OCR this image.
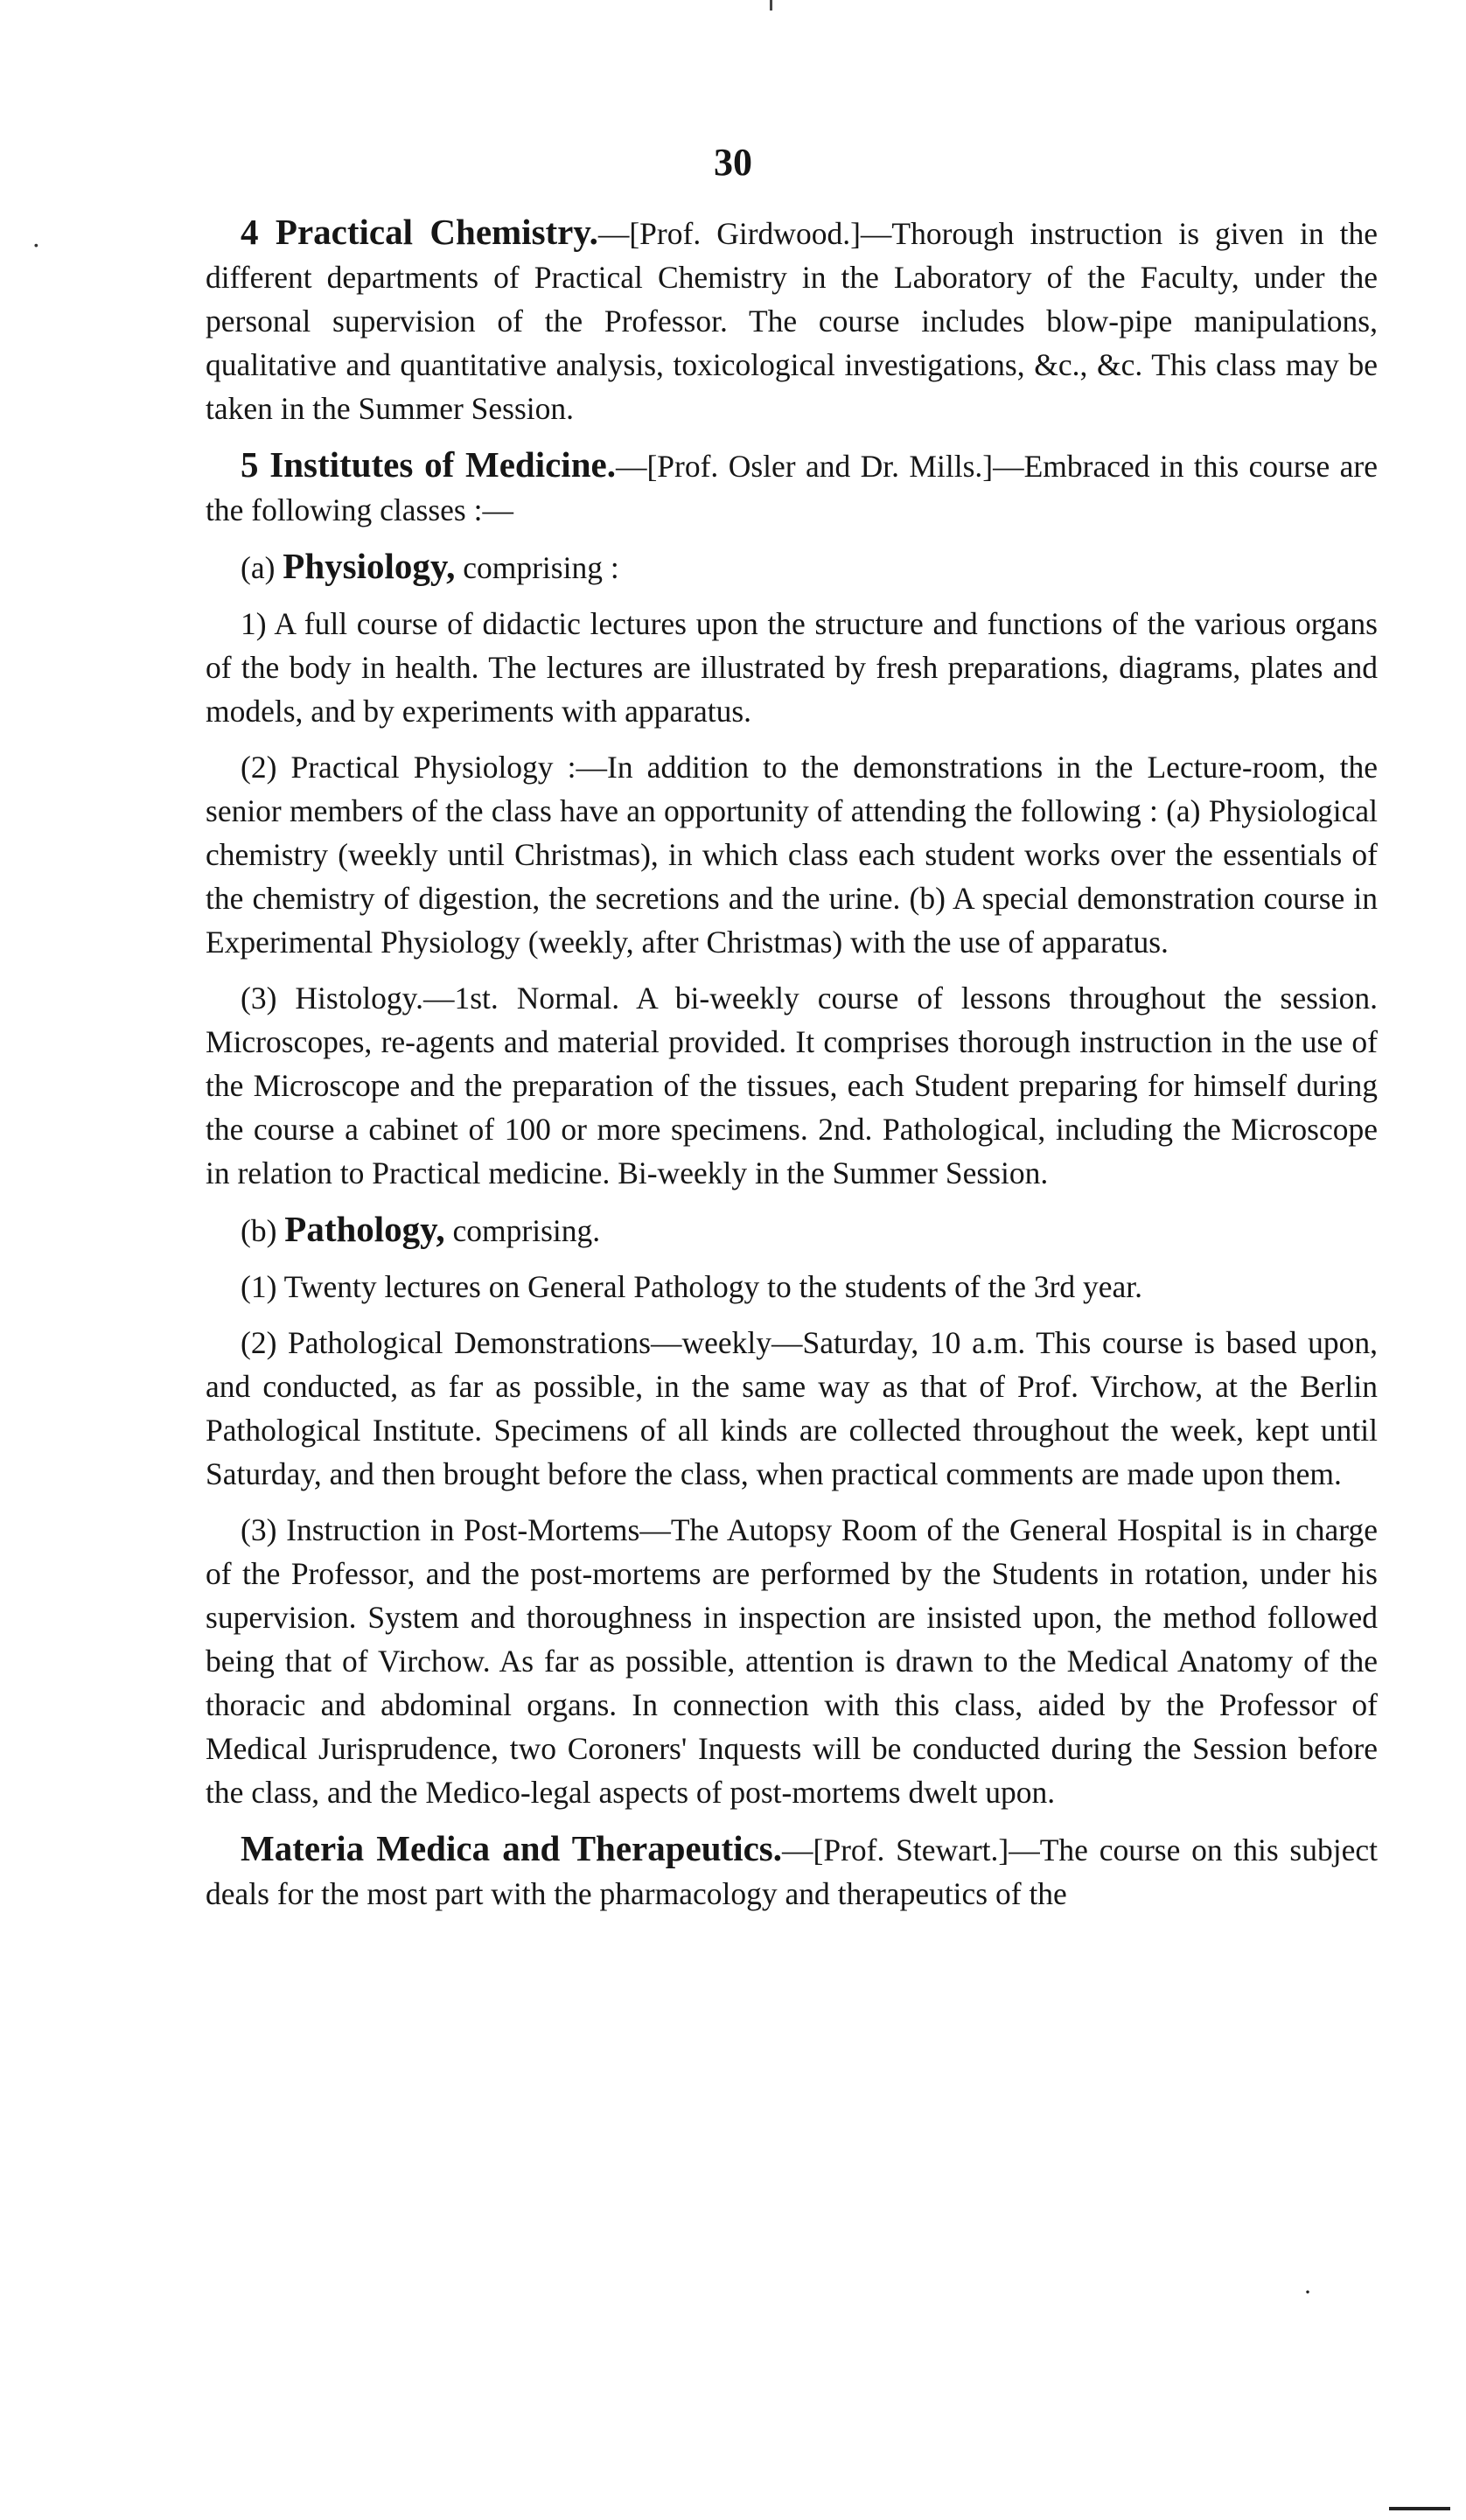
·
30

4 Practical Chemistry.—[Prof. Girdwood.]—Thorough instruction is given in the different departments of Practical Chemistry in the Laboratory of the Faculty, under the personal supervision of the Professor. The course includes blow-pipe manipulations, qualitative and quantitative analysis, toxicological investigations, &c., &c. This class may be taken in the Summer Session.

5 Institutes of Medicine.—[Prof. Osler and Dr. Mills.]—Embraced in this course are the following classes :—

(a) Physiology, comprising :

1) A full course of didactic lectures upon the structure and functions of the various organs of the body in health. The lectures are illustrated by fresh preparations, diagrams, plates and models, and by experiments with apparatus.

(2) Practical Physiology :—In addition to the demonstrations in the Lecture-room, the senior members of the class have an opportunity of attending the following : (a) Physiological chemistry (weekly until Christmas), in which class each student works over the essentials of the chemistry of digestion, the secretions and the urine. (b) A special demonstration course in Experimental Physiology (weekly, after Christmas) with the use of apparatus.

(3) Histology.—1st. Normal. A bi-weekly course of lessons throughout the session. Microscopes, re-agents and material provided. It comprises thorough instruction in the use of the Microscope and the preparation of the tissues, each Student preparing for himself during the course a cabinet of 100 or more specimens. 2nd. Pathological, including the Microscope in relation to Practical medicine. Bi-weekly in the Summer Session.

(b) Pathology, comprising.

(1) Twenty lectures on General Pathology to the students of the 3rd year.

(2) Pathological Demonstrations—weekly—Saturday, 10 a.m. This course is based upon, and conducted, as far as possible, in the same way as that of Prof. Virchow, at the Berlin Pathological Institute. Specimens of all kinds are collected throughout the week, kept until Saturday, and then brought before the class, when practical comments are made upon them.

(3) Instruction in Post-Mortems—The Autopsy Room of the General Hospital is in charge of the Professor, and the post-mortems are performed by the Students in rotation, under his supervision. System and thoroughness in inspection are insisted upon, the method followed being that of Virchow. As far as possible, attention is drawn to the Medical Anatomy of the thoracic and abdominal organs. In connection with this class, aided by the Professor of Medical Jurisprudence, two Coroners' Inquests will be conducted during the Session before the class, and the Medico-legal aspects of post-mortems dwelt upon.

Materia Medica and Therapeutics.—[Prof. Stewart.]—The course on this subject deals for the most part with the pharmacology and therapeutics of the

·
